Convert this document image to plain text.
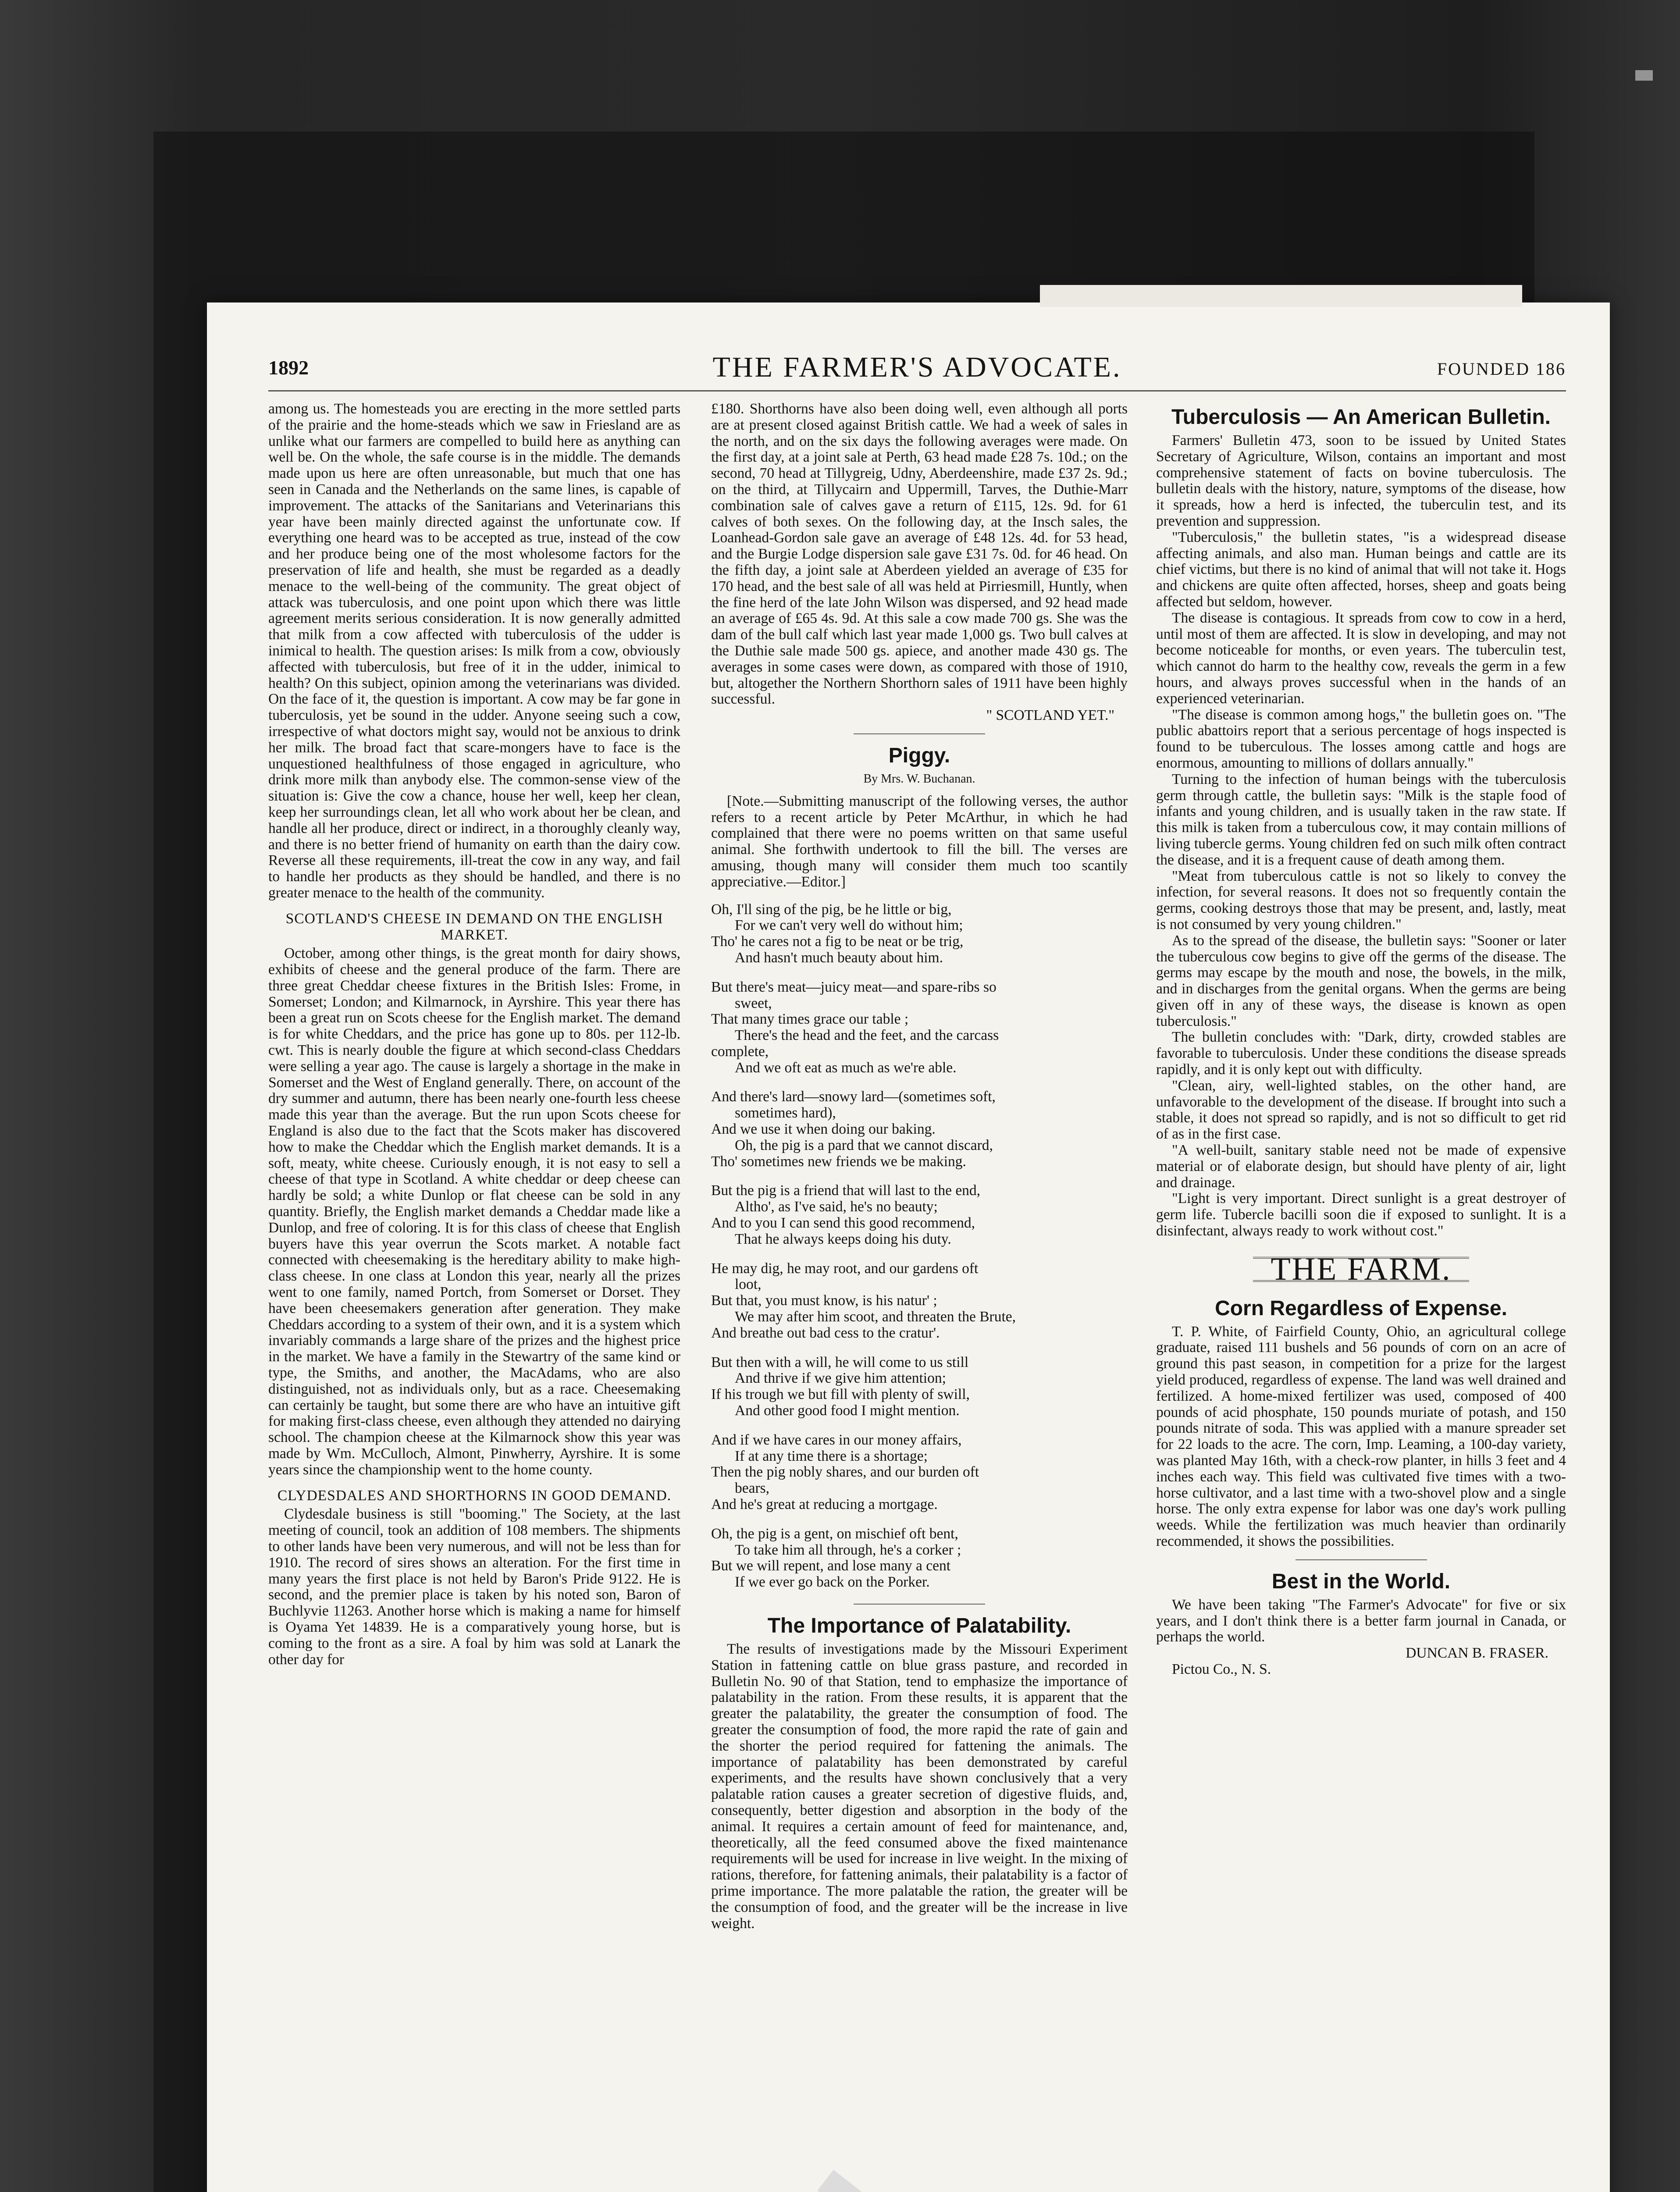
THE FARMER'S ADVOCATE.
1892	FOUNDED 186

among us. The homesteads you are erecting in the more settled parts of the prairie and the home-steads which we saw in Friesland are as unlike what our farmers are compelled to build here as anything can well be. On the whole, the safe course is in the middle. The demands made upon us here are often unreasonable, but much that one has seen in Canada and the Netherlands on the same lines, is capable of improvement. The attacks of the Sanitarians and Veterinarians this year have been mainly directed against the unfortunate cow. If everything one heard was to be accepted as true, instead of the cow and her produce being one of the most wholesome factors for the preservation of life and health, she must be regarded as a deadly menace to the well-being of the community. The great object of attack was tuberculosis, and one point upon which there was little agreement merits serious consideration. It is now generally admitted that milk from a cow affected with tuberculosis of the udder is inimical to health. The question arises: Is milk from a cow, obviously affected with tuberculosis, but free of it in the udder, inimical to health? On this subject, opinion among the veterinarians was divided. On the face of it, the question is important. A cow may be far gone in tuberculosis, yet be sound in the udder. Anyone seeing such a cow, irrespective of what doctors might say, would not be anxious to drink her milk. The broad fact that scare-mongers have to face is the unquestioned healthfulness of those engaged in agriculture, who drink more milk than anybody else. The common-sense view of the situation is: Give the cow a chance, house her well, keep her clean, keep her surroundings clean, let all who work about her be clean, and handle all her produce, direct or indirect, in a thoroughly cleanly way, and there is no better friend of humanity on earth than the dairy cow. Reverse all these requirements, ill-treat the cow in any way, and fail to handle her products as they should be handled, and there is no greater menace to the health of the community.

SCOTLAND'S CHEESE IN DEMAND ON THE ENGLISH MARKET.

October, among other things, is the great month for dairy shows, exhibits of cheese and the general produce of the farm. There are three great Cheddar cheese fixtures in the British Isles: Frome, in Somerset; London; and Kilmarnock, in Ayrshire. This year there has been a great run on Scots cheese for the English market. The demand is for white Cheddars, and the price has gone up to 80s. per 112-lb. cwt. This is nearly double the figure at which second-class Cheddars were selling a year ago. The cause is largely a shortage in the make in Somerset and the West of England generally. There, on account of the dry summer and autumn, there has been nearly one-fourth less cheese made this year than the average. But the run upon Scots cheese for England is also due to the fact that the Scots maker has discovered how to make the Cheddar which the English market demands. It is a soft, meaty, white cheese. Curiously enough, it is not easy to sell a cheese of that type in Scotland. A white cheddar or deep cheese can hardly be sold; a white Dunlop or flat cheese can be sold in any quantity. Briefly, the English market demands a Cheddar made like a Dunlop, and free of coloring. It is for this class of cheese that English buyers have this year overrun the Scots market. A notable fact connected with cheesemaking is the hereditary ability to make high-class cheese. In one class at London this year, nearly all the prizes went to one family, named Portch, from Somerset or Dorset. They have been cheesemakers generation after generation. They make Cheddars according to a system of their own, and it is a system which invariably commands a large share of the prizes and the highest price in the market. We have a family in the Stewartry of the same kind or type, the Smiths, and another, the MacAdams, who are also distinguished, not as individuals only, but as a race. Cheesemaking can certainly be taught, but some there are who have an intuitive gift for making first-class cheese, even although they attended no dairying school. The champion cheese at the Kilmarnock show this year was made by Wm. McCulloch, Almont, Pinwherry, Ayrshire. It is some years since the championship went to the home county.

CLYDESDALES AND SHORTHORNS IN GOOD DEMAND.

Clydesdale business is still "booming." The Society, at the last meeting of council, took an addition of 108 members. The shipments to other lands have been very numerous, and will not be less than for 1910. The record of sires shows an alteration. For the first time in many years the first place is not held by Baron's Pride 9122. He is second, and the premier place is taken by his noted son, Baron of Buchlyvie 11263. Another horse which is making a name for himself is Oyama Yet 14839. He is a comparatively young horse, but is coming to the front as a sire. A foal by him was sold at Lanark the other day for

£180. Shorthorns have also been doing well, even although all ports are at present closed against British cattle. We had a week of sales in the north, and on the six days the following averages were made. On the first day, at a joint sale at Perth, 63 head made £28 7s. 10d.; on the second, 70 head at Tillygreig, Udny, Aberdeenshire, made £37 2s. 9d.; on the third, at Tillycairn and Uppermill, Tarves, the Duthie-Marr combination sale of calves gave a return of £115, 12s. 9d. for 61 calves of both sexes. On the following day, at the Insch sales, the Loanhead-Gordon sale gave an average of £48 12s. 4d. for 53 head, and the Burgie Lodge dispersion sale gave £31 7s. 0d. for 46 head. On the fifth day, a joint sale at Aberdeen yielded an average of £35 for 170 head, and the best sale of all was held at Pirriesmill, Huntly, when the fine herd of the late John Wilson was dispersed, and 92 head made an average of £65 4s. 9d. At this sale a cow made 700 gs. She was the dam of the bull calf which last year made 1,000 gs. Two bull calves at the Duthie sale made 500 gs. apiece, and another made 430 gs. The averages in some cases were down, as compared with those of 1910, but, altogether the Northern Shorthorn sales of 1911 have been highly successful.

" SCOTLAND YET."
Piggy.
By Mrs. W. Buchanan.

[Note.—Submitting manuscript of the following verses, the author refers to a recent article by Peter McArthur, in which he had complained that there were no poems written on that same useful animal. She forthwith undertook to fill the bill. The verses are amusing, though many will consider them much too scantily appreciative.—Editor.]

Oh, I'll sing of the pig, be he little or big,
For we can't very well do without him;
Tho' he cares not a fig to be neat or be trig,
And hasn't much beauty about him.
But there's meat—juicy meat—and spare-ribs so
sweet,
That many times grace our table ;
There's the head and the feet, and the carcass
complete,
And we oft eat as much as we're able.
And there's lard—snowy lard—(sometimes soft,
sometimes hard),
And we use it when doing our baking.
Oh, the pig is a pard that we cannot discard,
Tho' sometimes new friends we be making.
But the pig is a friend that will last to the end,
Altho', as I've said, he's no beauty;
And to you I can send this good recommend,
That he always keeps doing his duty.
He may dig, he may root, and our gardens oft
loot,
But that, you must know, is his natur' ;
We may after him scoot, and threaten the Brute,
And breathe out bad cess to the cratur'.
But then with a will, he will come to us still
And thrive if we give him attention;
If his trough we but fill with plenty of swill,
And other good food I might mention.
And if we have cares in our money affairs,
If at any time there is a shortage;
Then the pig nobly shares, and our burden oft
bears,
And he's great at reducing a mortgage.
Oh, the pig is a gent, on mischief oft bent,
To take him all through, he's a corker ;
But we will repent, and lose many a cent
If we ever go back on the Porker.
The Importance of Palatability.

The results of investigations made by the Missouri Experiment Station in fattening cattle on blue grass pasture, and recorded in Bulletin No. 90 of that Station, tend to emphasize the importance of palatability in the ration. From these results, it is apparent that the greater the palatability, the greater the consumption of food. The greater the consumption of food, the more rapid the rate of gain and the shorter the period required for fattening the animals. The importance of palatability has been demonstrated by careful experiments, and the results have shown conclusively that a very palatable ration causes a greater secretion of digestive fluids, and, consequently, better digestion and absorption in the body of the animal. It requires a certain amount of feed for maintenance, and, theoretically, all the feed consumed above the fixed maintenance requirements will be used for increase in live weight. In the mixing of rations, therefore, for fattening animals, their palatability is a factor of prime importance. The more palatable the ration, the greater will be the consumption of food, and the greater will be the increase in live weight.

Tuberculosis — An American Bulletin.

Farmers' Bulletin 473, soon to be issued by United States Secretary of Agriculture, Wilson, contains an important and most comprehensive statement of facts on bovine tuberculosis. The bulletin deals with the history, nature, symptoms of the disease, how it spreads, how a herd is infected, the tuberculin test, and its prevention and suppression.

"Tuberculosis," the bulletin states, "is a widespread disease affecting animals, and also man. Human beings and cattle are its chief victims, but there is no kind of animal that will not take it. Hogs and chickens are quite often affected, horses, sheep and goats being affected but seldom, however.

The disease is contagious. It spreads from cow to cow in a herd, until most of them are affected. It is slow in developing, and may not become noticeable for months, or even years. The tuberculin test, which cannot do harm to the healthy cow, reveals the germ in a few hours, and always proves successful when in the hands of an experienced veterinarian.

"The disease is common among hogs," the bulletin goes on. "The public abattoirs report that a serious percentage of hogs inspected is found to be tuberculous. The losses among cattle and hogs are enormous, amounting to millions of dollars annually."

Turning to the infection of human beings with the tuberculosis germ through cattle, the bulletin says: "Milk is the staple food of infants and young children, and is usually taken in the raw state. If this milk is taken from a tuberculous cow, it may contain millions of living tubercle germs. Young children fed on such milk often contract the disease, and it is a frequent cause of death among them.

"Meat from tuberculous cattle is not so likely to convey the infection, for several reasons. It does not so frequently contain the germs, cooking destroys those that may be present, and, lastly, meat is not consumed by very young children."

As to the spread of the disease, the bulletin says: "Sooner or later the tuberculous cow begins to give off the germs of the disease. The germs may escape by the mouth and nose, the bowels, in the milk, and in discharges from the genital organs. When the germs are being given off in any of these ways, the disease is known as open tuberculosis."

The bulletin concludes with: "Dark, dirty, crowded stables are favorable to tuberculosis. Under these conditions the disease spreads rapidly, and it is only kept out with difficulty.

"Clean, airy, well-lighted stables, on the other hand, are unfavorable to the development of the disease. If brought into such a stable, it does not spread so rapidly, and is not so difficult to get rid of as in the first case.

"A well-built, sanitary stable need not be made of expensive material or of elaborate design, but should have plenty of air, light and drainage.

"Light is very important. Direct sunlight is a great destroyer of germ life. Tubercle bacilli soon die if exposed to sunlight. It is a disinfectant, always ready to work without cost."

THE FARM.
Corn Regardless of Expense.

T. P. White, of Fairfield County, Ohio, an agricultural college graduate, raised 111 bushels and 56 pounds of corn on an acre of ground this past season, in competition for a prize for the largest yield produced, regardless of expense. The land was well drained and fertilized. A home-mixed fertilizer was used, composed of 400 pounds of acid phosphate, 150 pounds muriate of potash, and 150 pounds nitrate of soda. This was applied with a manure spreader set for 22 loads to the acre. The corn, Imp. Leaming, a 100-day variety, was planted May 16th, with a check-row planter, in hills 3 feet and 4 inches each way. This field was cultivated five times with a two-horse cultivator, and a last time with a two-shovel plow and a single horse. The only extra expense for labor was one day's work pulling weeds. While the fertilization was much heavier than ordinarily recommended, it shows the possibilities.

Best in the World.

We have been taking "The Farmer's Advocate" for five or six years, and I don't think there is a better farm journal in Canada, or perhaps the world.

DUNCAN B. FRASER.

Pictou Co., N. S.
